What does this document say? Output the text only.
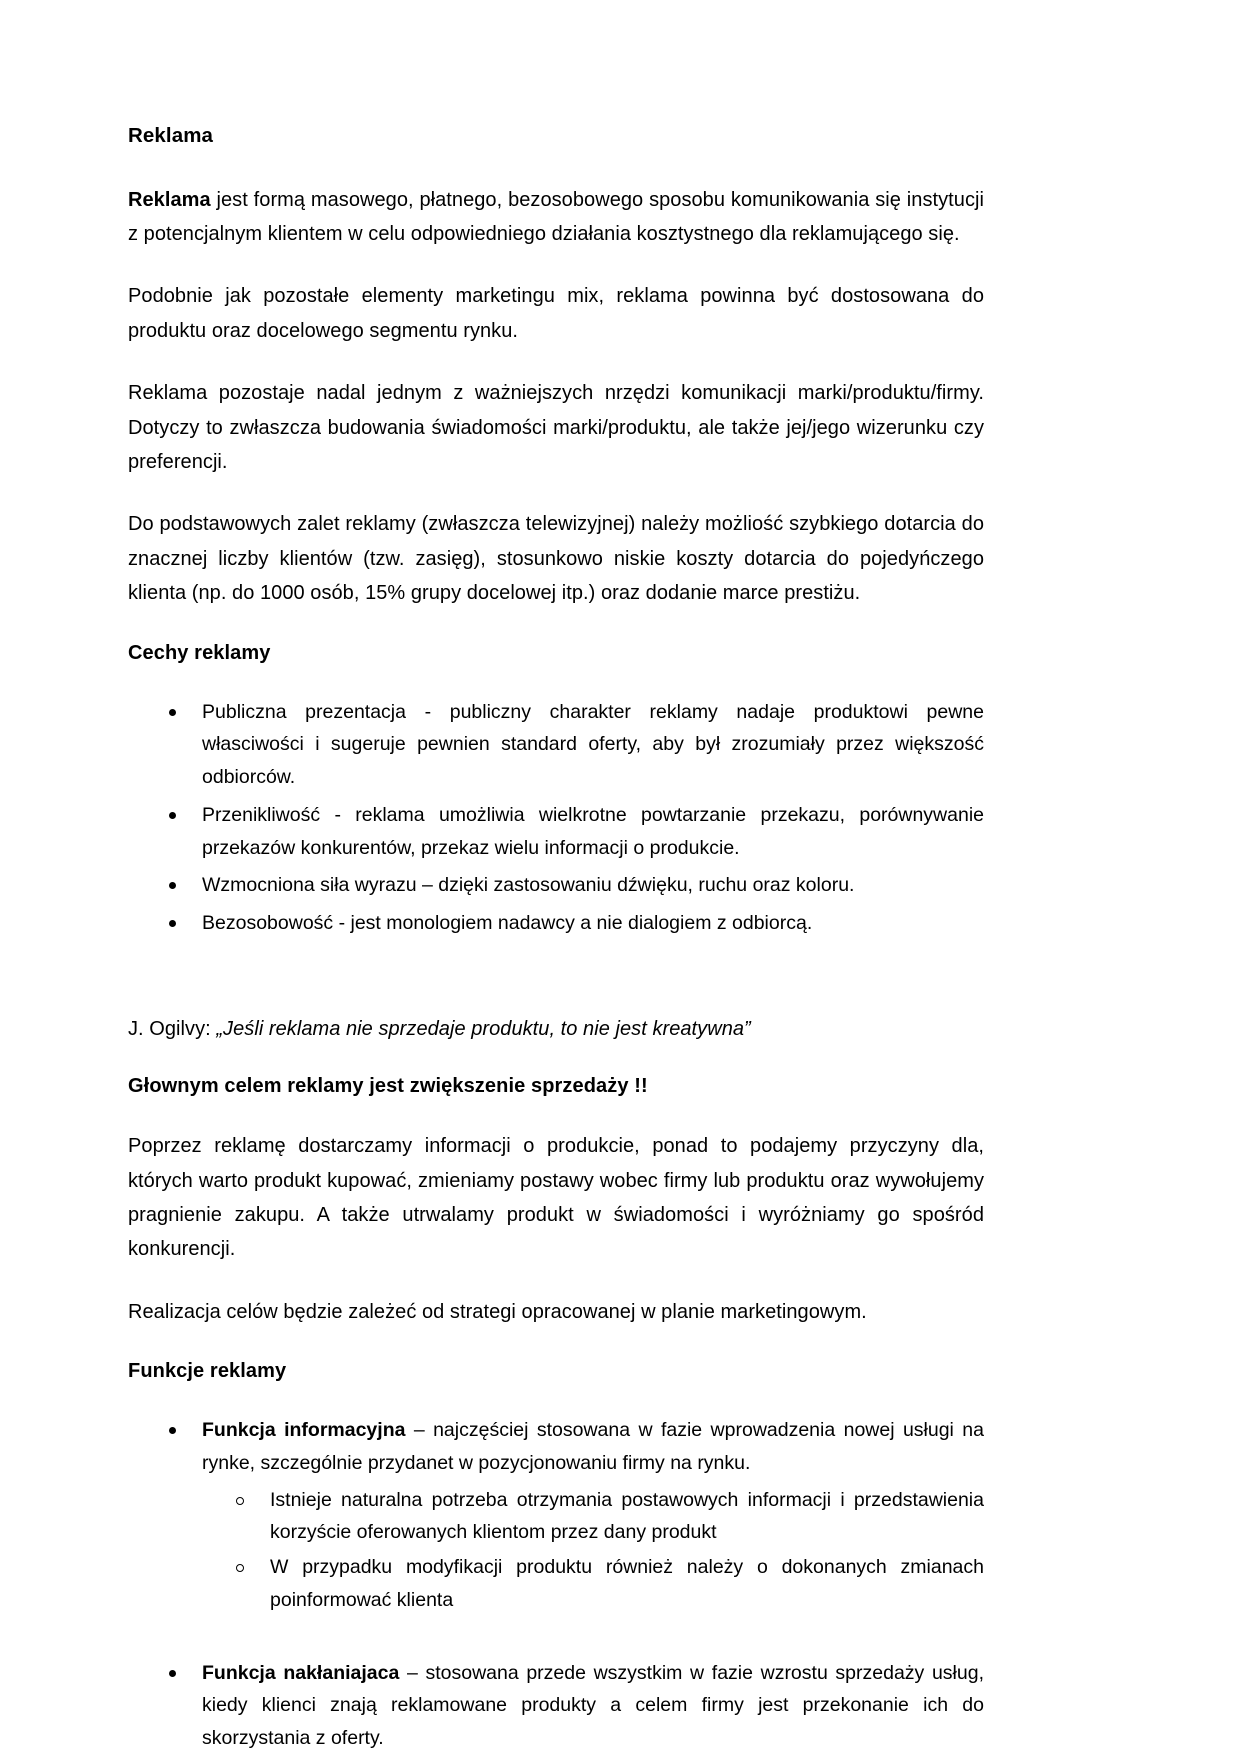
Reklama

Reklama jest formą masowego, płatnego, bezosobowego sposobu komunikowania się instytucji z potencjalnym klientem w celu odpowiedniego działania kosztystnego dla reklamującego się.

Podobnie jak pozostałe elementy marketingu mix, reklama powinna być dostosowana do produktu oraz docelowego segmentu rynku.

Reklama pozostaje nadal jednym z ważniejszych nrzędzi komunikacji marki/produktu/firmy. Dotyczy to zwłaszcza budowania świadomości marki/produktu, ale także jej/jego wizerunku czy preferencji.

Do podstawowych zalet reklamy (zwłaszcza telewizyjnej) należy możliość szybkiego dotarcia do znacznej liczby klientów (tzw. zasięg), stosunkowo niskie koszty dotarcia do pojedyńczego klienta (np. do 1000 osób, 15% grupy docelowej itp.) oraz dodanie marce prestiżu.

Cechy reklamy
Publiczna prezentacja - publiczny charakter reklamy nadaje produktowi pewne własciwości i sugeruje pewnien standard oferty, aby był zrozumiały przez większość odbiorców.
Przenikliwość - reklama umożliwia wielkrotne powtarzanie przekazu, porównywanie przekazów konkurentów, przekaz wielu informacji o produkcie.
Wzmocniona siła wyrazu – dzięki zastosowaniu dźwięku, ruchu oraz koloru.
Bezosobowość - jest monologiem nadawcy a nie dialogiem z odbiorcą.

J. Ogilvy: „Jeśli reklama nie sprzedaje produktu, to nie jest kreatywna”

Głownym celem reklamy jest zwiększenie sprzedaży !!

Poprzez reklamę dostarczamy informacji o produkcie, ponad to podajemy przyczyny dla, których warto produkt kupować, zmieniamy postawy wobec firmy lub produktu oraz wywołujemy pragnienie zakupu. A także utrwalamy produkt w świadomości i wyróżniamy go spośród konkurencji.

Realizacja celów będzie zależeć od strategi opracowanej w planie marketingowym.

Funkcje reklamy
Funkcja informacyjna – najczęściej stosowana w fazie wprowadzenia nowej usługi na rynke, szczególnie przydanet w pozycjonowaniu firmy na rynku.
Istnieje naturalna potrzeba otrzymania postawowych informacji i przedstawienia korzyście oferowanych klientom przez dany produkt
W przypadku modyfikacji produktu również należy o dokonanych zmianach poinformować klienta
Funkcja nakłaniajaca – stosowana przede wszystkim w fazie wzrostu sprzedaży usług, kiedy klienci znają reklamowane produkty a celem firmy jest przekonanie ich do skorzystania z oferty.
